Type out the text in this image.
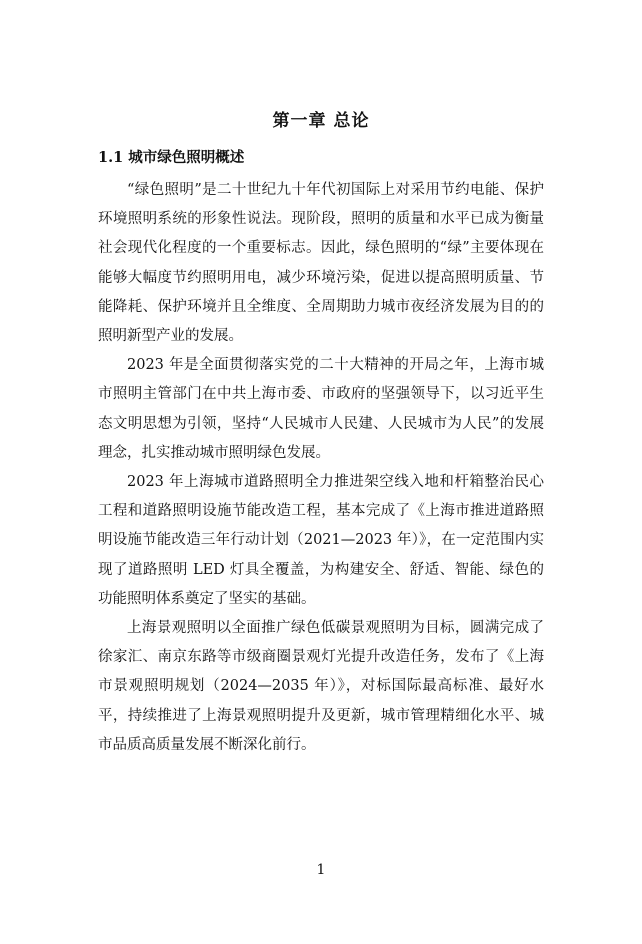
第一章 总论
1.1 城市绿色照明概述

“绿色照明”是二十世纪九十年代初国际上对采用节约电能、保护环境照明系统的形象性说法。现阶段，照明的质量和水平已成为衡量社会现代化程度的一个重要标志。因此，绿色照明的“绿”主要体现在能够大幅度节约照明用电，减少环境污染，促进以提高照明质量、节能降耗、保护环境并且全维度、全周期助力城市夜经济发展为目的的照明新型产业的发展。

2023 年是全面贯彻落实党的二十大精神的开局之年，上海市城市照明主管部门在中共上海市委、市政府的坚强领导下，以习近平生态文明思想为引领，坚持“人民城市人民建、人民城市为人民”的发展理念，扎实推动城市照明绿色发展。

2023 年上海城市道路照明全力推进架空线入地和杆箱整治民心工程和道路照明设施节能改造工程，基本完成了《上海市推进道路照明设施节能改造三年行动计划（2021—2023 年）》，在一定范围内实现了道路照明 LED 灯具全覆盖，为构建安全、舒适、智能、绿色的功能照明体系奠定了坚实的基础。

上海景观照明以全面推广绿色低碳景观照明为目标，圆满完成了徐家汇、南京东路等市级商圈景观灯光提升改造任务，发布了《上海市景观照明规划（2024—2035 年）》，对标国际最高标准、最好水平，持续推进了上海景观照明提升及更新，城市管理精细化水平、城市品质高质量发展不断深化前行。

1
